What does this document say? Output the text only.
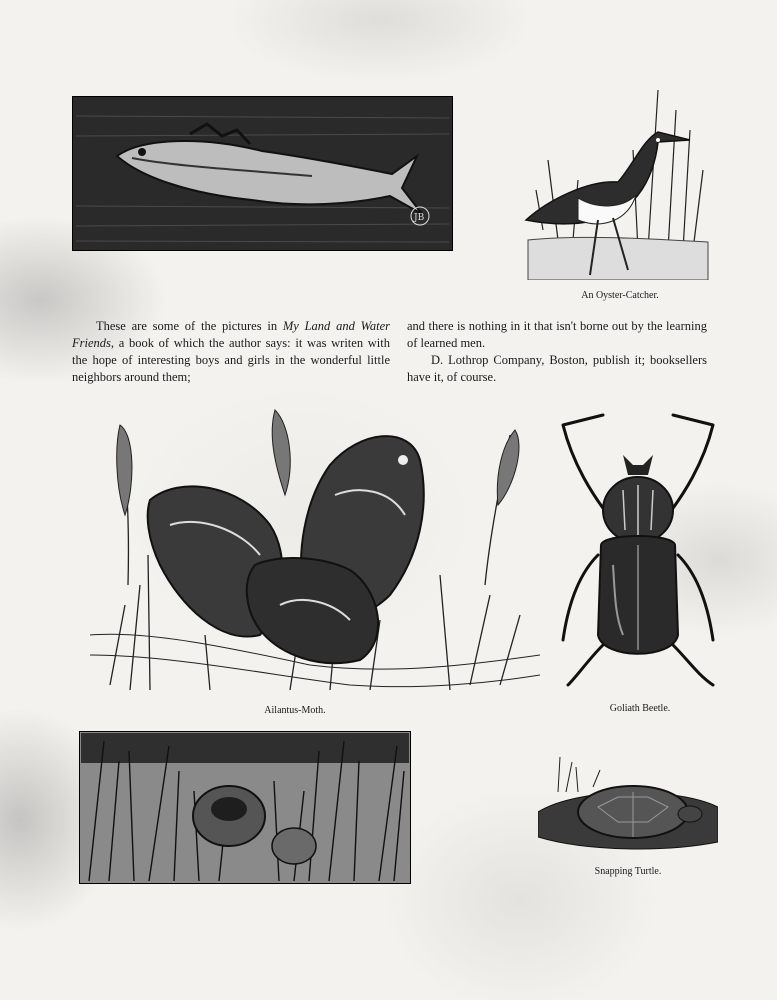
JB
An Oyster-Catcher.

These are some of the pictures in My Land and Water Friends, a book of which the author says: it was writen with the hope of interesting boys and girls in the wonderful little neighbors around them;

and there is nothing in it that isn't borne out by the learning of learned men.

D. Lothrop Company, Boston, publish it; booksellers have it, of course.

Ailantus-Moth.	Goliath Beetle.
Snapping Turtle.
